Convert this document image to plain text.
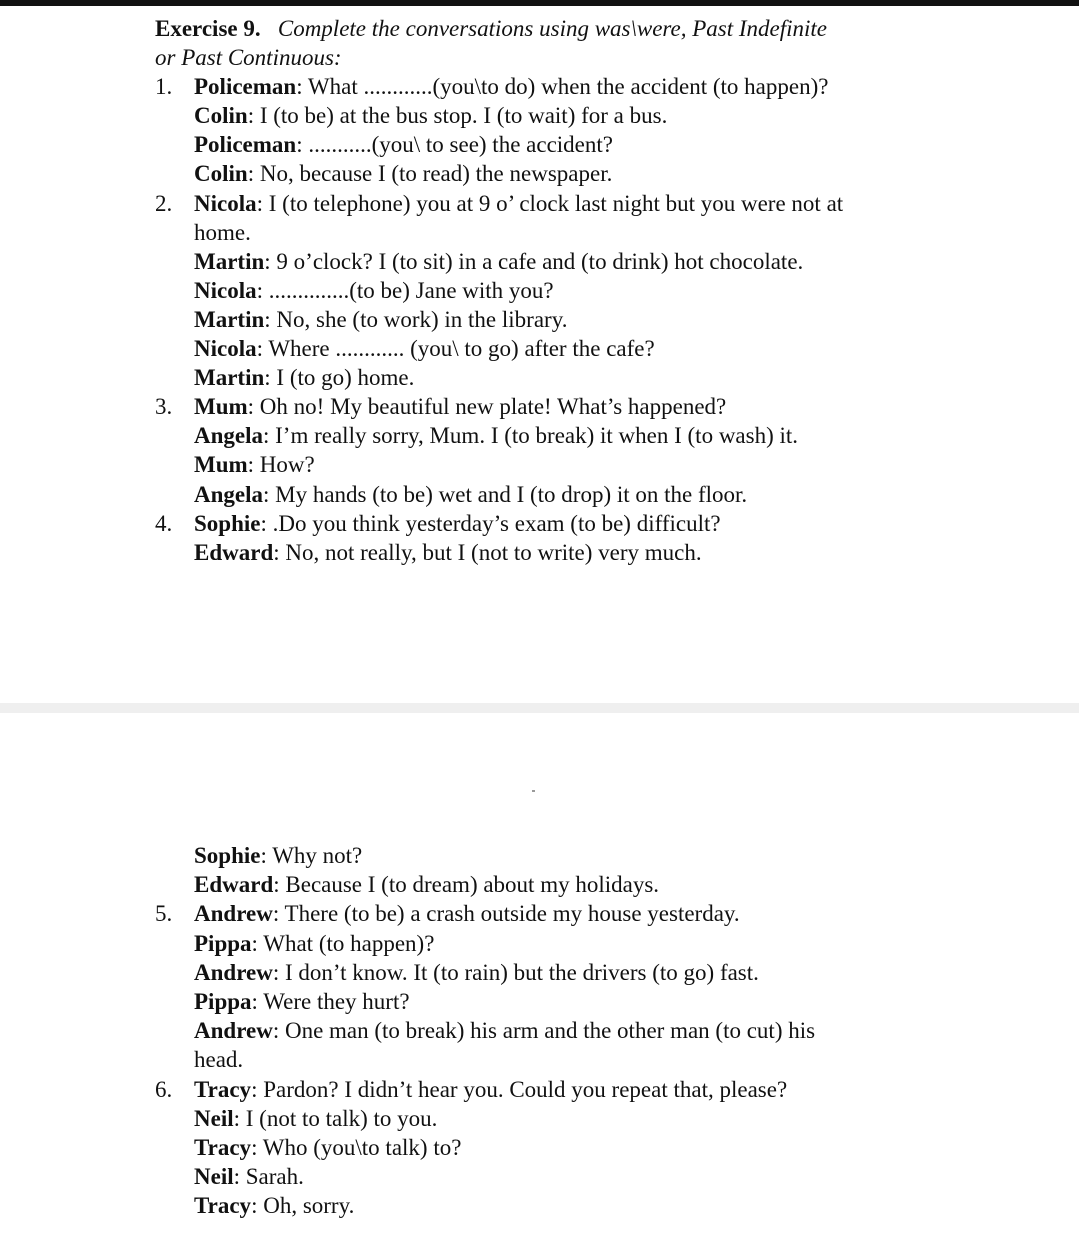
Exercise 9. Complete the conversations using was\were, Past Indefinite
or Past Continuous:
1. Policeman: What ............(you\to do) when the accident (to happen)?
Colin: I (to be) at the bus stop. I (to wait) for a bus.
Policeman: ...........(you\ to see) the accident?
Colin: No, because I (to read) the newspaper.
2. Nicola: I (to telephone) you at 9 o’ clock last night but you were not at
home.
Martin: 9 o’clock? I (to sit) in a cafe and (to drink) hot chocolate.
Nicola: ..............(to be) Jane with you?
Martin: No, she (to work) in the library.
Nicola: Where ............ (you\ to go) after the cafe?
Martin: I (to go) home.
3. Mum: Oh no! My beautiful new plate! What’s happened?
Angela: I’m really sorry, Mum. I (to break) it when I (to wash) it.
Mum: How?
Angela: My hands (to be) wet and I (to drop) it on the floor.
4. Sophie: .Do you think yesterday’s exam (to be) difficult?
Edward: No, not really, but I (not to write) very much.
Sophie: Why not?
Edward: Because I (to dream) about my holidays.
5. Andrew: There (to be) a crash outside my house yesterday.
Pippa: What (to happen)?
Andrew: I don’t know. It (to rain) but the drivers (to go) fast.
Pippa: Were they hurt?
Andrew: One man (to break) his arm and the other man (to cut) his
head.
6. Tracy: Pardon? I didn’t hear you. Could you repeat that, please?
Neil: I (not to talk) to you.
Tracy: Who (you\to talk) to?
Neil: Sarah.
Tracy: Oh, sorry.
